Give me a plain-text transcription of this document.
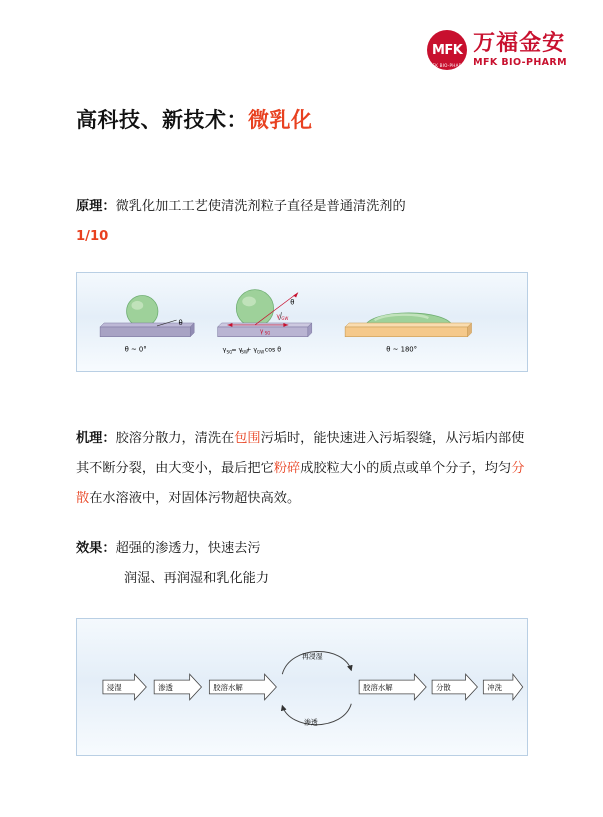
MFK
MFK BIO-PHARM
万福金安
MFK BIO-PHARM
高科技、新技术：微乳化
原理：微乳化加工工艺使清洗剂粒子直径是普通清洗剂的
1/10
θ
θ ~ 0°
γ GW
γ SG
θ
γ SG = γ
SW
+ γ GW cos θ	θ ~ 180°
机理：胶溶分散力，清洗在包围污垢时，能快速进入污垢裂缝，从污垢内部使其不断分裂，由大变小，最后把它粉碎成胶粒大小的质点或单个分子，均匀分散在水溶液中，对固体污物超快高效。
效果：超强的渗透力，快速去污
润湿、再润湿和乳化能力
浸湿	渗透	胶溶水解
再浸湿
渗透
胶溶水解	分散	冲洗
